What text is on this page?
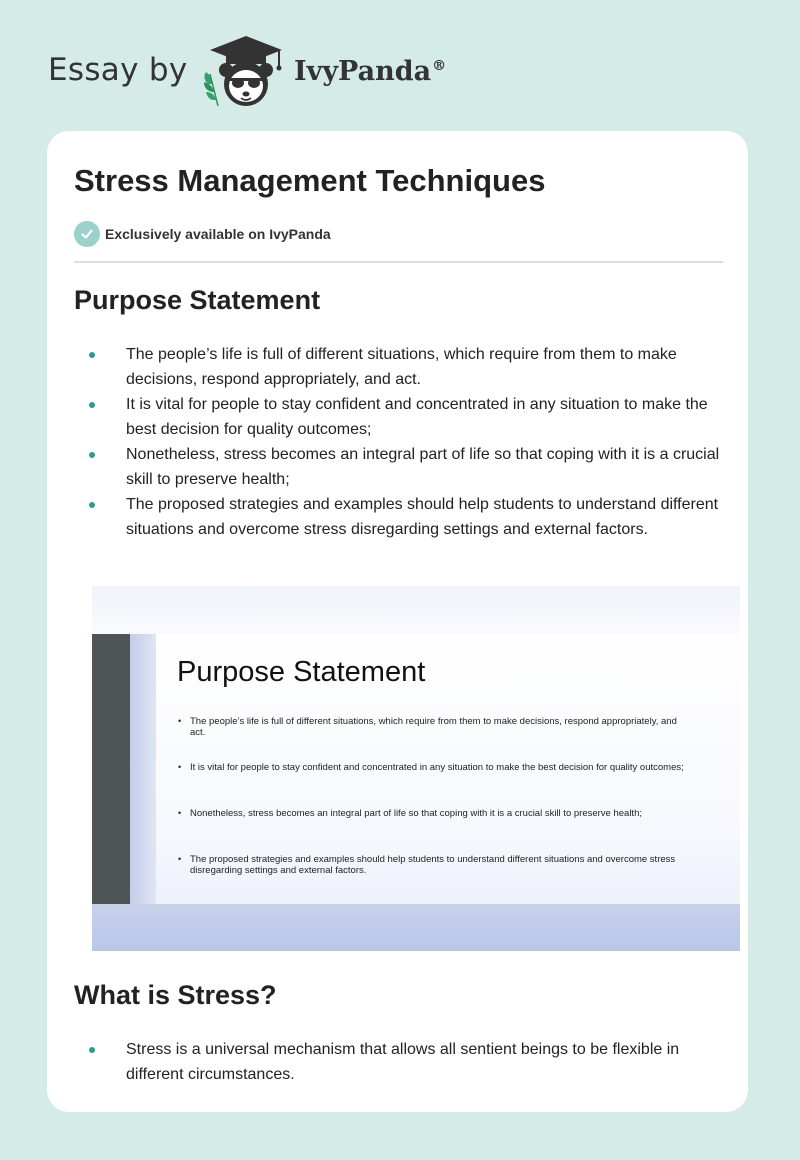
Essay by	IvyPanda®
Stress Management Techniques
Exclusively available on IvyPanda
Purpose Statement
The people’s life is full of different situations, which require from them to make decisions, respond appropriately, and act.
It is vital for people to stay confident and concentrated in any situation to make the best decision for quality outcomes;
Nonetheless, stress becomes an integral part of life so that coping with it is a crucial skill to preserve health;
The proposed strategies and examples should help students to understand different situations and overcome stress disregarding settings and external factors.
Purpose Statement
• The people’s life is full of different situations, which require from them to make decisions, respond appropriately, and act.
• It is vital for people to stay confident and concentrated in any situation to make the best decision for quality outcomes;
• Nonetheless, stress becomes an integral part of life so that coping with it is a crucial skill to preserve health;
• The proposed strategies and examples should help students to understand different situations and overcome stress disregarding settings and external factors.
What is Stress?
Stress is a universal mechanism that allows all sentient beings to be flexible in different circumstances.
